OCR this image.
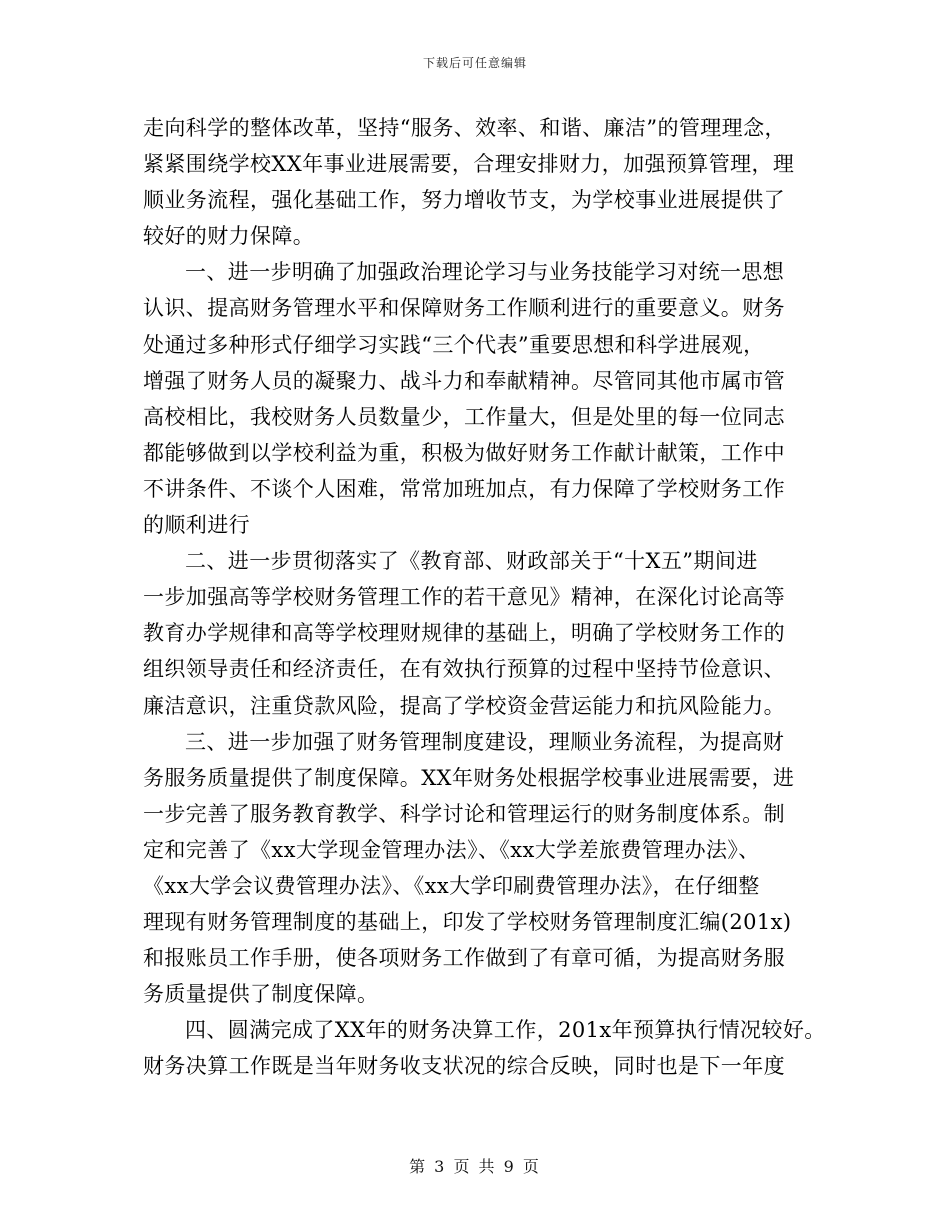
下载后可任意编辑
走向科学的整体改革，坚持“服务、效率、和谐、廉洁”的管理理念，
紧紧围绕学校XX年事业进展需要，合理安排财力，加强预算管理，理
顺业务流程，强化基础工作，努力增收节支，为学校事业进展提供了
较好的财力保障。
一、进一步明确了加强政治理论学习与业务技能学习对统一思想
认识、提高财务管理水平和保障财务工作顺利进行的重要意义。财务
处通过多种形式仔细学习实践“三个代表”重要思想和科学进展观，
增强了财务人员的凝聚力、战斗力和奉献精神。尽管同其他市属市管
高校相比，我校财务人员数量少，工作量大，但是处里的每一位同志
都能够做到以学校利益为重，积极为做好财务工作献计献策，工作中
不讲条件、不谈个人困难，常常加班加点，有力保障了学校财务工作
的顺利进行
二、进一步贯彻落实了《教育部、财政部关于“十X五”期间进
一步加强高等学校财务管理工作的若干意见》精神，在深化讨论高等
教育办学规律和高等学校理财规律的基础上，明确了学校财务工作的
组织领导责任和经济责任，在有效执行预算的过程中坚持节俭意识、
廉洁意识，注重贷款风险，提高了学校资金营运能力和抗风险能力。
三、进一步加强了财务管理制度建设，理顺业务流程，为提高财
务服务质量提供了制度保障。XX年财务处根据学校事业进展需要，进
一步完善了服务教育教学、科学讨论和管理运行的财务制度体系。制
定和完善了《xx大学现金管理办法》、《xx大学差旅费管理办法》、
《xx大学会议费管理办法》、《xx大学印刷费管理办法》，在仔细整
理现有财务管理制度的基础上，印发了学校财务管理制度汇编(201x)
和报账员工作手册，使各项财务工作做到了有章可循，为提高财务服
务质量提供了制度保障。
四、圆满完成了XX年的财务决算工作，201x年预算执行情况较好。
财务决算工作既是当年财务收支状况的综合反映，同时也是下一年度
第 3 页 共 9 页
